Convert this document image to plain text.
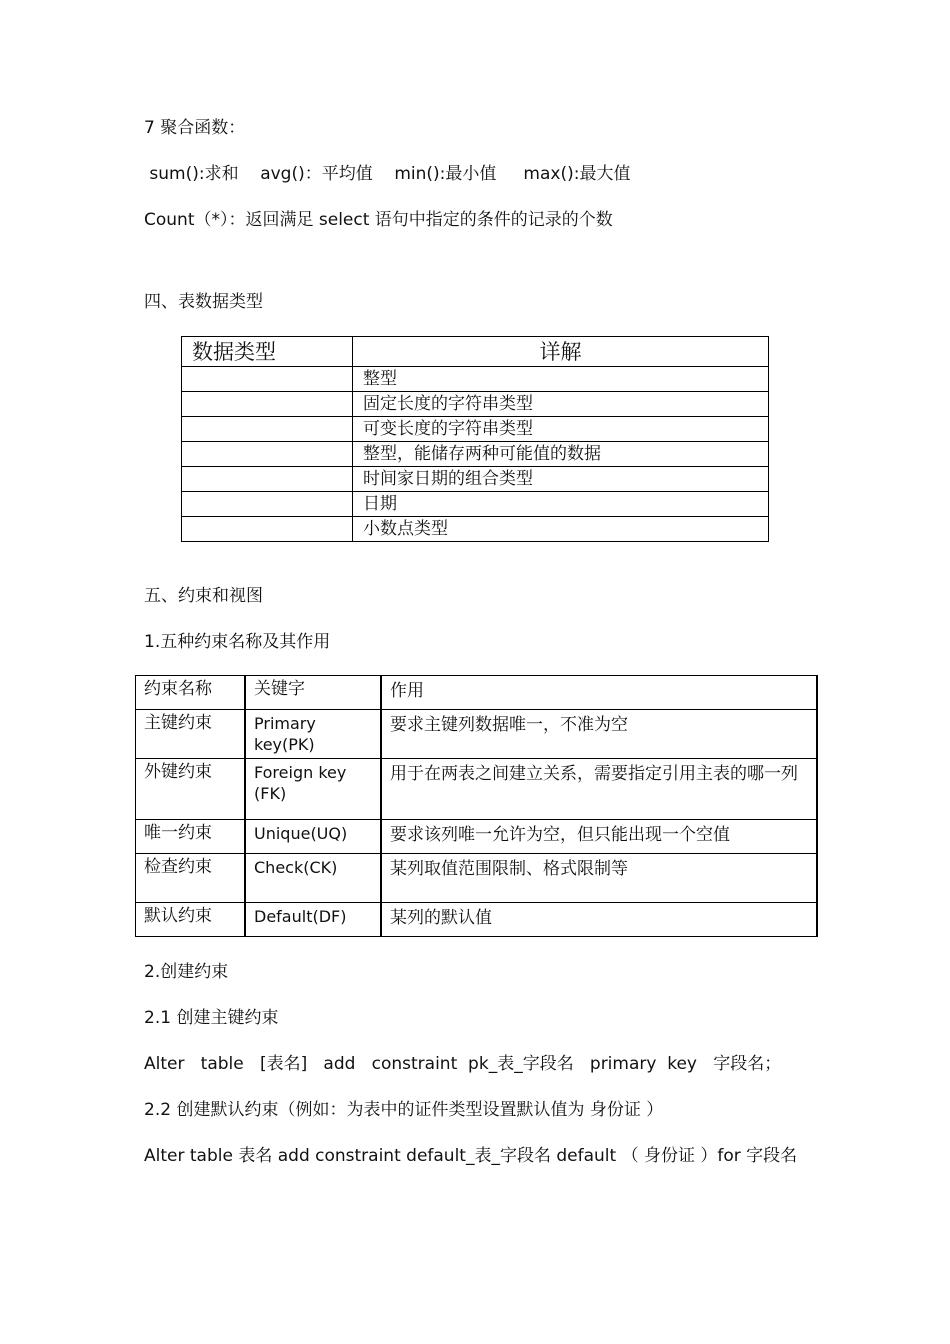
7 聚合函数：
sum():求和    avg()：平均值    min():最小值     max():最大值
Count（*）：返回满足 select 语句中指定的条件的记录的个数
四、表数据类型
数据类型	详解
	整型
	固定长度的字符串类型
	可变长度的字符串类型
	整型，能储存两种可能值的数据
	时间家日期的组合类型
	日期
	小数点类型
五、约束和视图
1.五种约束名称及其作用
约束名称	关键字	作用
主键约束	Primary key(PK)	要求主键列数据唯一，不准为空
外键约束	Foreign key (FK)	用于在两表之间建立关系，需要指定引用主表的哪一列
唯一约束	Unique(UQ)	要求该列唯一允许为空，但只能出现一个空值
检查约束	Check(CK)	某列取值范围限制、格式限制等
默认约束	Default(DF)	某列的默认值
2.创建约束
2.1 创建主键约束
Alter   table   [表名]   add   constraint  pk_表_字段名   primary  key   字段名；
2.2 创建默认约束（例如：为表中的证件类型设置默认值为 身份证 ）
Alter table 表名 add constraint default_表_字段名 default （ 身份证 ）for 字段名
